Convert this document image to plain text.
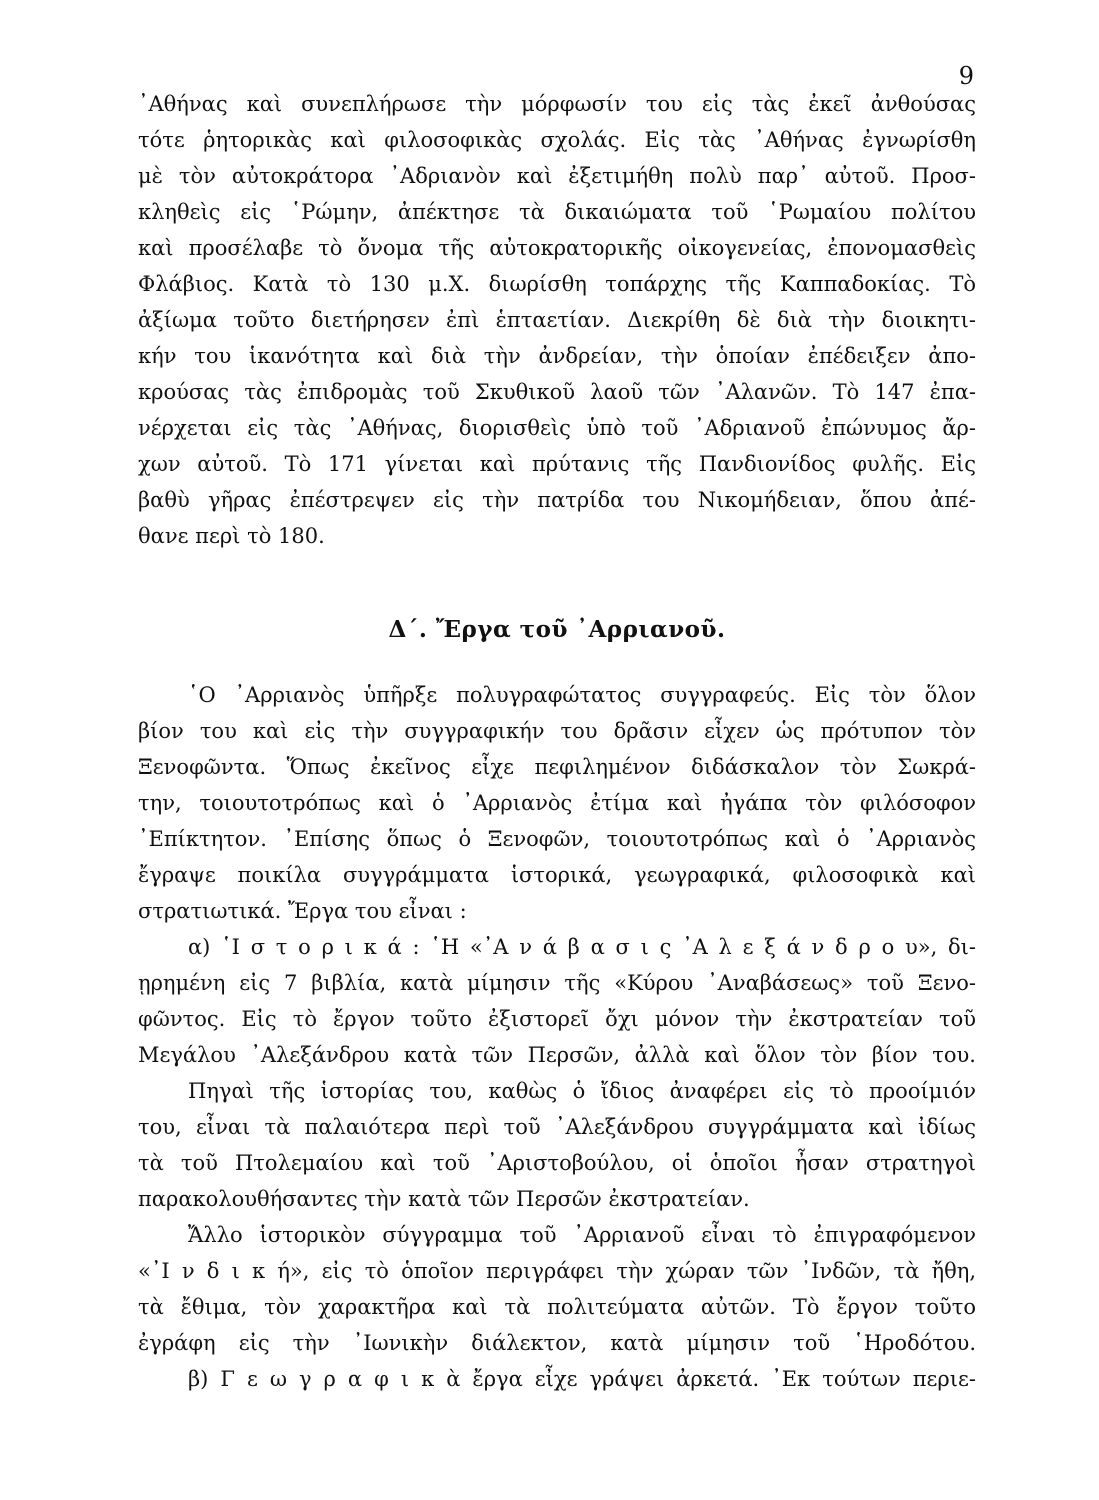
9
᾿Αθήνας καὶ συνεπλήρωσε τὴν μόρφωσίν του εἰς τὰς ἐκεῖ ἀνθούσας
τότε ῥητορικὰς καὶ φιλοσοφικὰς σχολάς. Εἰς τὰς ᾿Αθήνας ἐγνωρίσθη
μὲ τὸν αὐτοκράτορα ᾿Αδριανὸν καὶ ἐξετιμήθη πολὺ παρ᾿ αὐτοῦ. Προσ-
κληθεὶς εἰς ῾Ρώμην, ἀπέκτησε τὰ δικαιώματα τοῦ ῾Ρωμαίου πολίτου
καὶ προσέλαβε τὸ ὄνομα τῆς αὐτοκρατορικῆς οἰκογενείας, ἐπονομασθεὶς
Φλάβιος. Κατὰ τὸ 130 μ.Χ. διωρίσθη τοπάρχης τῆς Καππαδοκίας. Τὸ
ἀξίωμα τοῦτο διετήρησεν ἐπὶ ἑπταετίαν. Διεκρίθη δὲ διὰ τὴν διοικητι-
κήν του ἱκανότητα καὶ διὰ τὴν ἀνδρείαν, τὴν ὁποίαν ἐπέδειξεν ἀπο-
κρούσας τὰς ἐπιδρομὰς τοῦ Σκυθικοῦ λαοῦ τῶν ᾿Αλανῶν. Τὸ 147 ἐπα-
νέρχεται εἰς τὰς ᾿Αθήνας, διορισθεὶς ὑπὸ τοῦ ᾿Αδριανοῦ ἐπώνυμος ἄρ-
χων αὐτοῦ. Τὸ 171 γίνεται καὶ πρύτανις τῆς Πανδιονίδος φυλῆς. Εἰς
βαθὺ γῆρας ἐπέστρεψεν εἰς τὴν πατρίδα του Νικομήδειαν, ὅπου ἀπέ-
θανε περὶ τὸ 180.
Δ΄. Ἔργα τοῦ ᾿Αρριανοῦ.
῾Ο ᾿Αρριανὸς ὑπῆρξε πολυγραφώτατος συγγραφεύς. Εἰς τὸν ὅλον
βίον του καὶ εἰς τὴν συγγραφικήν του δρᾶσιν εἶχεν ὡς πρότυπον τὸν
Ξενοφῶντα. Ὅπως ἐκεῖνος εἶχε πεφιλημένον διδάσκαλον τὸν Σωκρά-
την, τοιουτοτρόπως καὶ ὁ ᾿Αρριανὸς ἐτίμα καὶ ἠγάπα τὸν φιλόσοφον
᾿Επίκτητον. ᾿Επίσης ὅπως ὁ Ξενοφῶν, τοιουτοτρόπως καὶ ὁ ᾿Αρριανὸς
ἔγραψε ποικίλα συγγράμματα ἱστορικά, γεωγραφικά, φιλοσοφικὰ καὶ
στρατιωτικά. Ἔργα του εἶναι :
α) ῾Ι σ τ ο ρ ι κ ά : ῾Η «᾿Α ν ά β α σ ι ς ᾿Α λ ε ξ ά ν δ ρ ο υ», δι-
ῃρημένη εἰς 7 βιβλία, κατὰ μίμησιν τῆς «Κύρου ᾿Αναβάσεως» τοῦ Ξενο-
φῶντος. Εἰς τὸ ἔργον τοῦτο ἐξιστορεῖ ὄχι μόνον τὴν ἐκστρατείαν τοῦ
Μεγάλου ᾿Αλεξάνδρου κατὰ τῶν Περσῶν, ἀλλὰ καὶ ὅλον τὸν βίον του.
Πηγαὶ τῆς ἱστορίας του, καθὼς ὁ ἴδιος ἀναφέρει εἰς τὸ προοίμιόν
του, εἶναι τὰ παλαιότερα περὶ τοῦ ᾿Αλεξάνδρου συγγράμματα καὶ ἰδίως
τὰ τοῦ Πτολεμαίου καὶ τοῦ ᾿Αριστοβούλου, οἱ ὁποῖοι ἦσαν στρατηγοὶ
παρακολουθήσαντες τὴν κατὰ τῶν Περσῶν ἐκστρατείαν.
Ἄλλο ἱστορικὸν σύγγραμμα τοῦ ᾿Αρριανοῦ εἶναι τὸ ἐπιγραφόμενον
«᾿Ι ν δ ι κ ή», εἰς τὸ ὁποῖον περιγράφει τὴν χώραν τῶν ᾿Ινδῶν, τὰ ἤθη,
τὰ ἔθιμα, τὸν χαρακτῆρα καὶ τὰ πολιτεύματα αὐτῶν. Τὸ ἔργον τοῦτο
ἐγράφη εἰς τὴν ᾿Ιωνικὴν διάλεκτον, κατὰ μίμησιν τοῦ ῾Ηροδότου.
β) Γ ε ω γ ρ α φ ι κ ὰ ἔργα εἶχε γράψει ἀρκετά. ᾿Εκ τούτων περιε-
